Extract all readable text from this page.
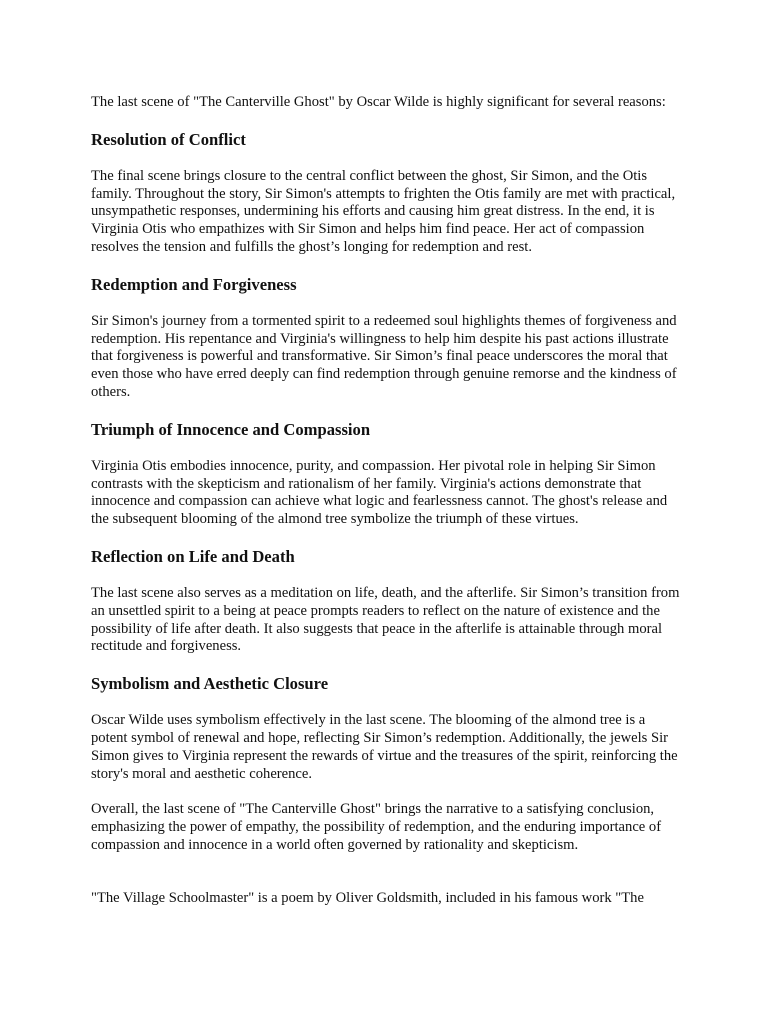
The last scene of "The Canterville Ghost" by Oscar Wilde is highly significant for several reasons:

Resolution of Conflict

The final scene brings closure to the central conflict between the ghost, Sir Simon, and the Otis family. Throughout the story, Sir Simon's attempts to frighten the Otis family are met with practical, unsympathetic responses, undermining his efforts and causing him great distress. In the end, it is Virginia Otis who empathizes with Sir Simon and helps him find peace. Her act of compassion resolves the tension and fulfills the ghost’s longing for redemption and rest.

Redemption and Forgiveness

Sir Simon's journey from a tormented spirit to a redeemed soul highlights themes of forgiveness and redemption. His repentance and Virginia's willingness to help him despite his past actions illustrate that forgiveness is powerful and transformative. Sir Simon’s final peace underscores the moral that even those who have erred deeply can find redemption through genuine remorse and the kindness of others.

Triumph of Innocence and Compassion

Virginia Otis embodies innocence, purity, and compassion. Her pivotal role in helping Sir Simon contrasts with the skepticism and rationalism of her family. Virginia's actions demonstrate that innocence and compassion can achieve what logic and fearlessness cannot. The ghost's release and the subsequent blooming of the almond tree symbolize the triumph of these virtues.

Reflection on Life and Death

The last scene also serves as a meditation on life, death, and the afterlife. Sir Simon’s transition from an unsettled spirit to a being at peace prompts readers to reflect on the nature of existence and the possibility of life after death. It also suggests that peace in the afterlife is attainable through moral rectitude and forgiveness.

Symbolism and Aesthetic Closure

Oscar Wilde uses symbolism effectively in the last scene. The blooming of the almond tree is a potent symbol of renewal and hope, reflecting Sir Simon’s redemption. Additionally, the jewels Sir Simon gives to Virginia represent the rewards of virtue and the treasures of the spirit, reinforcing the story's moral and aesthetic coherence.

Overall, the last scene of "The Canterville Ghost" brings the narrative to a satisfying conclusion, emphasizing the power of empathy, the possibility of redemption, and the enduring importance of compassion and innocence in a world often governed by rationality and skepticism.

"The Village Schoolmaster" is a poem by Oliver Goldsmith, included in his famous work "The
